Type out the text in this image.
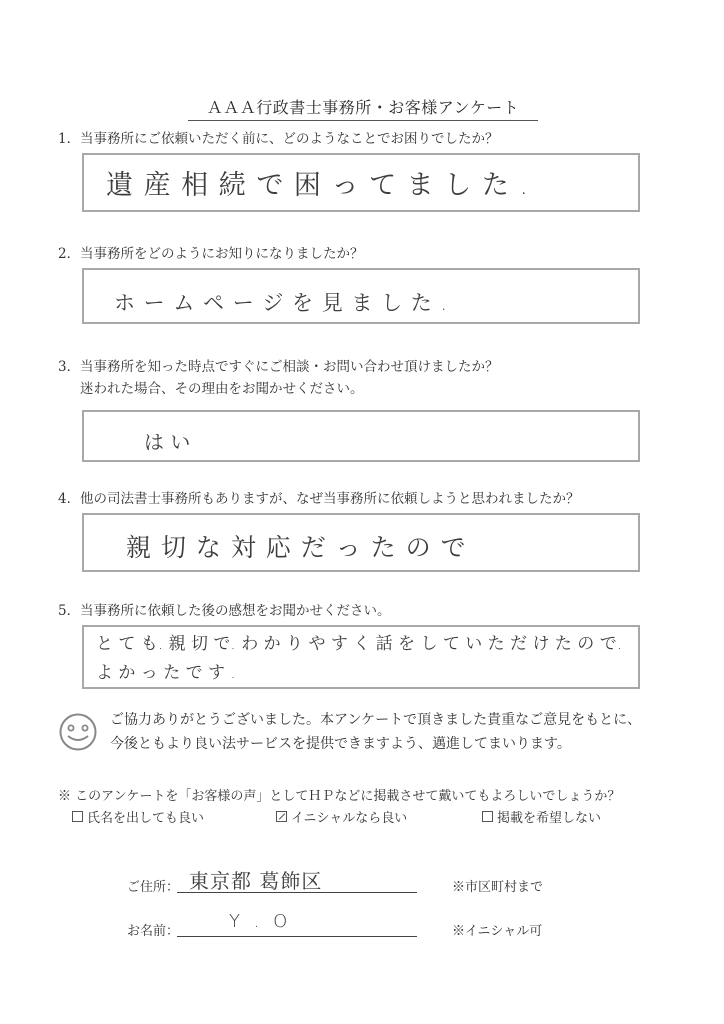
ＡＡＡ行政書士事務所・お客様アンケート
1．当事務所にご依頼いただく前に、どのようなことでお困りでしたか？
遺 産 相 続 で 困 っ て ま し た .
2．当事務所をどのようにお知りになりましたか？
ホ ー ム ペ ー ジ を 見 ま し た .
3．当事務所を知った時点ですぐにご相談・お問い合わせ頂けましたか？
迷われた場合、その理由をお聞かせください。
は い
4．他の司法書士事務所もありますが、なぜ当事務所に依頼しようと思われましたか？
親 切 な 対 応 だ っ た の で
5．当事務所に依頼した後の感想をお聞かせください。
と て も. 親 切 で. わ か り や す く 話 を し て い た だ け た の で.
よ か っ た で す .
ご協力ありがとうございました。本アンケートで頂きました貴重なご意見をもとに、
今後ともより良い法サービスを提供できますよう、邁進してまいります。
※ このアンケートを「お客様の声」としてＨＰなどに掲載させて戴いてもよろしいでしょうか？
氏名を出しても良い	イニシャルなら良い	掲載を希望しない
ご住所： 東京都 葛飾区	※市区町村まで
お名前：	Y . O	※イニシャル可
